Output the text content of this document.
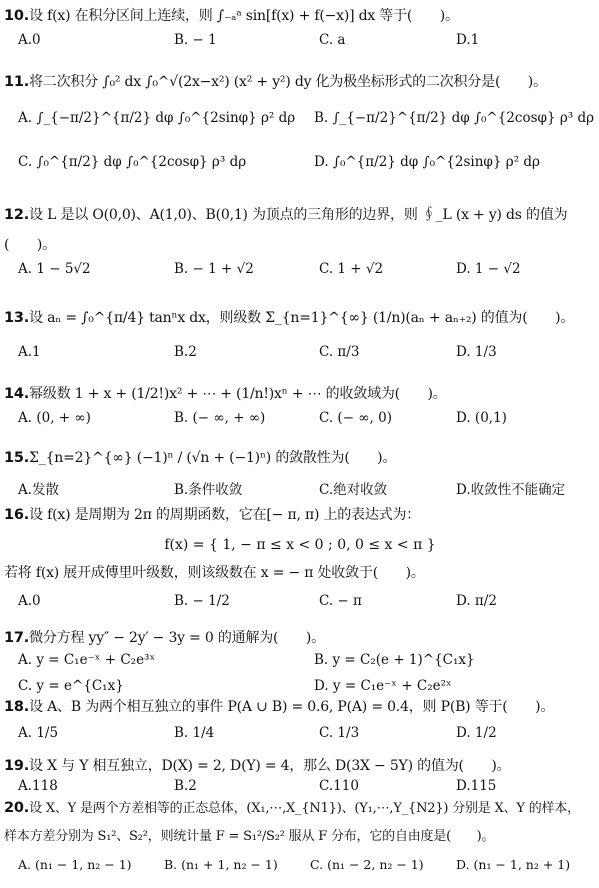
10.设 f(x) 在积分区间上连续，则 ∫₋ₐᵃ sin[f(x) + f(−x)] dx 等于(　　)。
A.0	B. − 1	C. a	D.1
11.将二次积分 ∫₀² dx ∫₀^√(2x−x²) (x² + y²) dy 化为极坐标形式的二次积分是(　　)。
A. ∫_{−π/2}^{π/2} dφ ∫₀^{2sinφ} ρ² dρ B. ∫_{−π/2}^{π/2} dφ ∫₀^{2cosφ} ρ³ dρ
C. ∫₀^{π/2} dφ ∫₀^{2cosφ} ρ³ dρ	D. ∫₀^{π/2} dφ ∫₀^{2sinφ} ρ² dρ
12.设 L 是以 O(0,0)、A(1,0)、B(0,1) 为顶点的三角形的边界，则 ∮_L (x + y) ds 的值为
(　　)。
A. 1 − 5√2	B. − 1 + √2	C. 1 + √2	D. 1 − √2
13.设 aₙ = ∫₀^{π/4} tanⁿx dx，则级数 Σ_{n=1}^{∞} (1/n)(aₙ + aₙ₊₂) 的值为(　　)。
A.1	B.2	C. π/3	D. 1/3
14.幂级数 1 + x + (1/2!)x² + ⋯ + (1/n!)xⁿ + ⋯ 的收敛域为(　　)。
A. (0, + ∞)	B. (− ∞, + ∞)	C. (− ∞, 0)	D. (0,1)
15.Σ_{n=2}^{∞} (−1)ⁿ / (√n + (−1)ⁿ) 的敛散性为(　　)。
A.发散	B.条件收敛	C.绝对收敛	D.收敛性不能确定
16.设 f(x) 是周期为 2π 的周期函数，它在[− π, π) 上的表达式为：
f(x) = { 1, − π ≤ x < 0 ; 0, 0 ≤ x < π }
若将 f(x) 展开成傅里叶级数，则该级数在 x = − π 处收敛于(　　)。
A.0	B. − 1/2	C. − π	D. π/2
17.微分方程 yy″ − 2y′ − 3y = 0 的通解为(　　)。
A. y = C₁e⁻ˣ + C₂e³ˣ	B. y = C₂(e + 1)^{C₁x}
C. y = e^{C₁x}	D. y = C₁e⁻ˣ + C₂e²ˣ
18.设 A、B 为两个相互独立的事件 P(A ∪ B) = 0.6, P(A) = 0.4，则 P(B) 等于(　　)。
A. 1/5	B. 1/4	C. 1/3	D. 1/2
19.设 X 与 Y 相互独立，D(X) = 2, D(Y) = 4，那么 D(3X − 5Y) 的值为(　　)。
A.118	B.2	C.110	D.115
20.设 X、Y 是两个方差相等的正态总体，(X₁,⋯,X_{N1})、(Y₁,⋯,Y_{N2}) 分别是 X、Y 的样本，
样本方差分别为 S₁²、S₂²，则统计量 F = S₁²/S₂² 服从 F 分布，它的自由度是(　　)。
A. (n₁ − 1, n₂ − 1)	B. (n₁ + 1, n₂ − 1)	C. (n₁ − 2, n₂ − 1)	D. (n₁ − 1, n₂ + 1)
